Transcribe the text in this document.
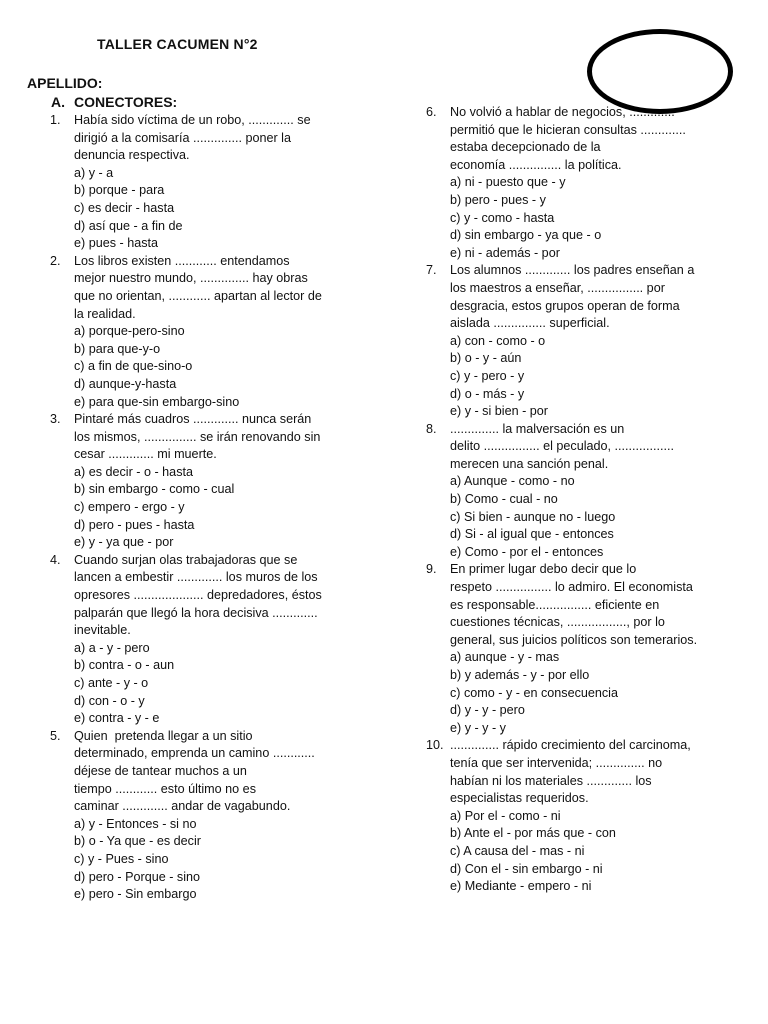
TALLER CACUMEN N°2
APELLIDO:
A. CONECTORES:
1.	Había sido víctima de un robo, ............. se
dirigió a la comisaría .............. poner la
denuncia respectiva.
a) y - a
b) porque - para
c) es decir - hasta
d) así que - a fin de
e) pues - hasta
2.	Los libros existen ............ entendamos
mejor nuestro mundo, .............. hay obras
que no orientan, ............ apartan al lector de
la realidad.
a) porque-pero-sino
b) para que-y-o
c) a fin de que-sino-o
d) aunque-y-hasta
e) para que-sin embargo-sino
3.	Pintaré más cuadros ............. nunca serán
los mismos, ............... se irán renovando sin
cesar ............. mi muerte.
a) es decir - o - hasta
b) sin embargo - como - cual
c) empero - ergo - y
d) pero - pues - hasta
e) y - ya que - por
4.	Cuando surjan olas trabajadoras que se
lancen a embestir ............. los muros de los
opresores .................... depredadores, éstos
palparán que llegó la hora decisiva .............
inevitable.
a) a - y - pero
b) contra - o - aun
c) ante - y - o
d) con - o - y
e) contra - y - e
5.	Quien  pretenda llegar a un sitio
determinado, emprenda un camino ............
déjese de tantear muchos a un
tiempo ............ esto último no es
caminar ............. andar de vagabundo.
a) y - Entonces - si no
b) o - Ya que - es decir
c) y - Pues - sino
d) pero - Porque - sino
e) pero - Sin embargo
6.	No volvió a hablar de negocios, .............
permitió que le hicieran consultas .............
estaba decepcionado de la
economía ............... la política.
a) ni - puesto que - y
b) pero - pues - y
c) y - como - hasta
d) sin embargo - ya que - o
e) ni - además - por
7.	Los alumnos ............. los padres enseñan a
los maestros a enseñar, ................ por
desgracia, estos grupos operan de forma
aislada ............... superficial.
a) con - como - o
b) o - y - aún
c) y - pero - y
d) o - más - y
e) y - si bien - por
8.	.............. la malversación es un
delito ................ el peculado, .................
merecen una sanción penal.
a) Aunque - como - no
b) Como - cual - no
c) Si bien - aunque no - luego
d) Si - al igual que - entonces
e) Como - por el - entonces
9.	En primer lugar debo decir que lo
respeto ................ lo admiro. El economista
es responsable................ eficiente en
cuestiones técnicas, ................., por lo
general, sus juicios políticos son temerarios.
a) aunque - y - mas
b) y además - y - por ello
c) como - y - en consecuencia
d) y - y - pero
e) y - y - y
10. .............. rápido crecimiento del carcinoma,
tenía que ser intervenida; .............. no
habían ni los materiales ............. los
especialistas requeridos.
a) Por el - como - ni
b) Ante el - por más que - con
c) A causa del - mas - ni
d) Con el - sin embargo - ni
e) Mediante - empero - ni
